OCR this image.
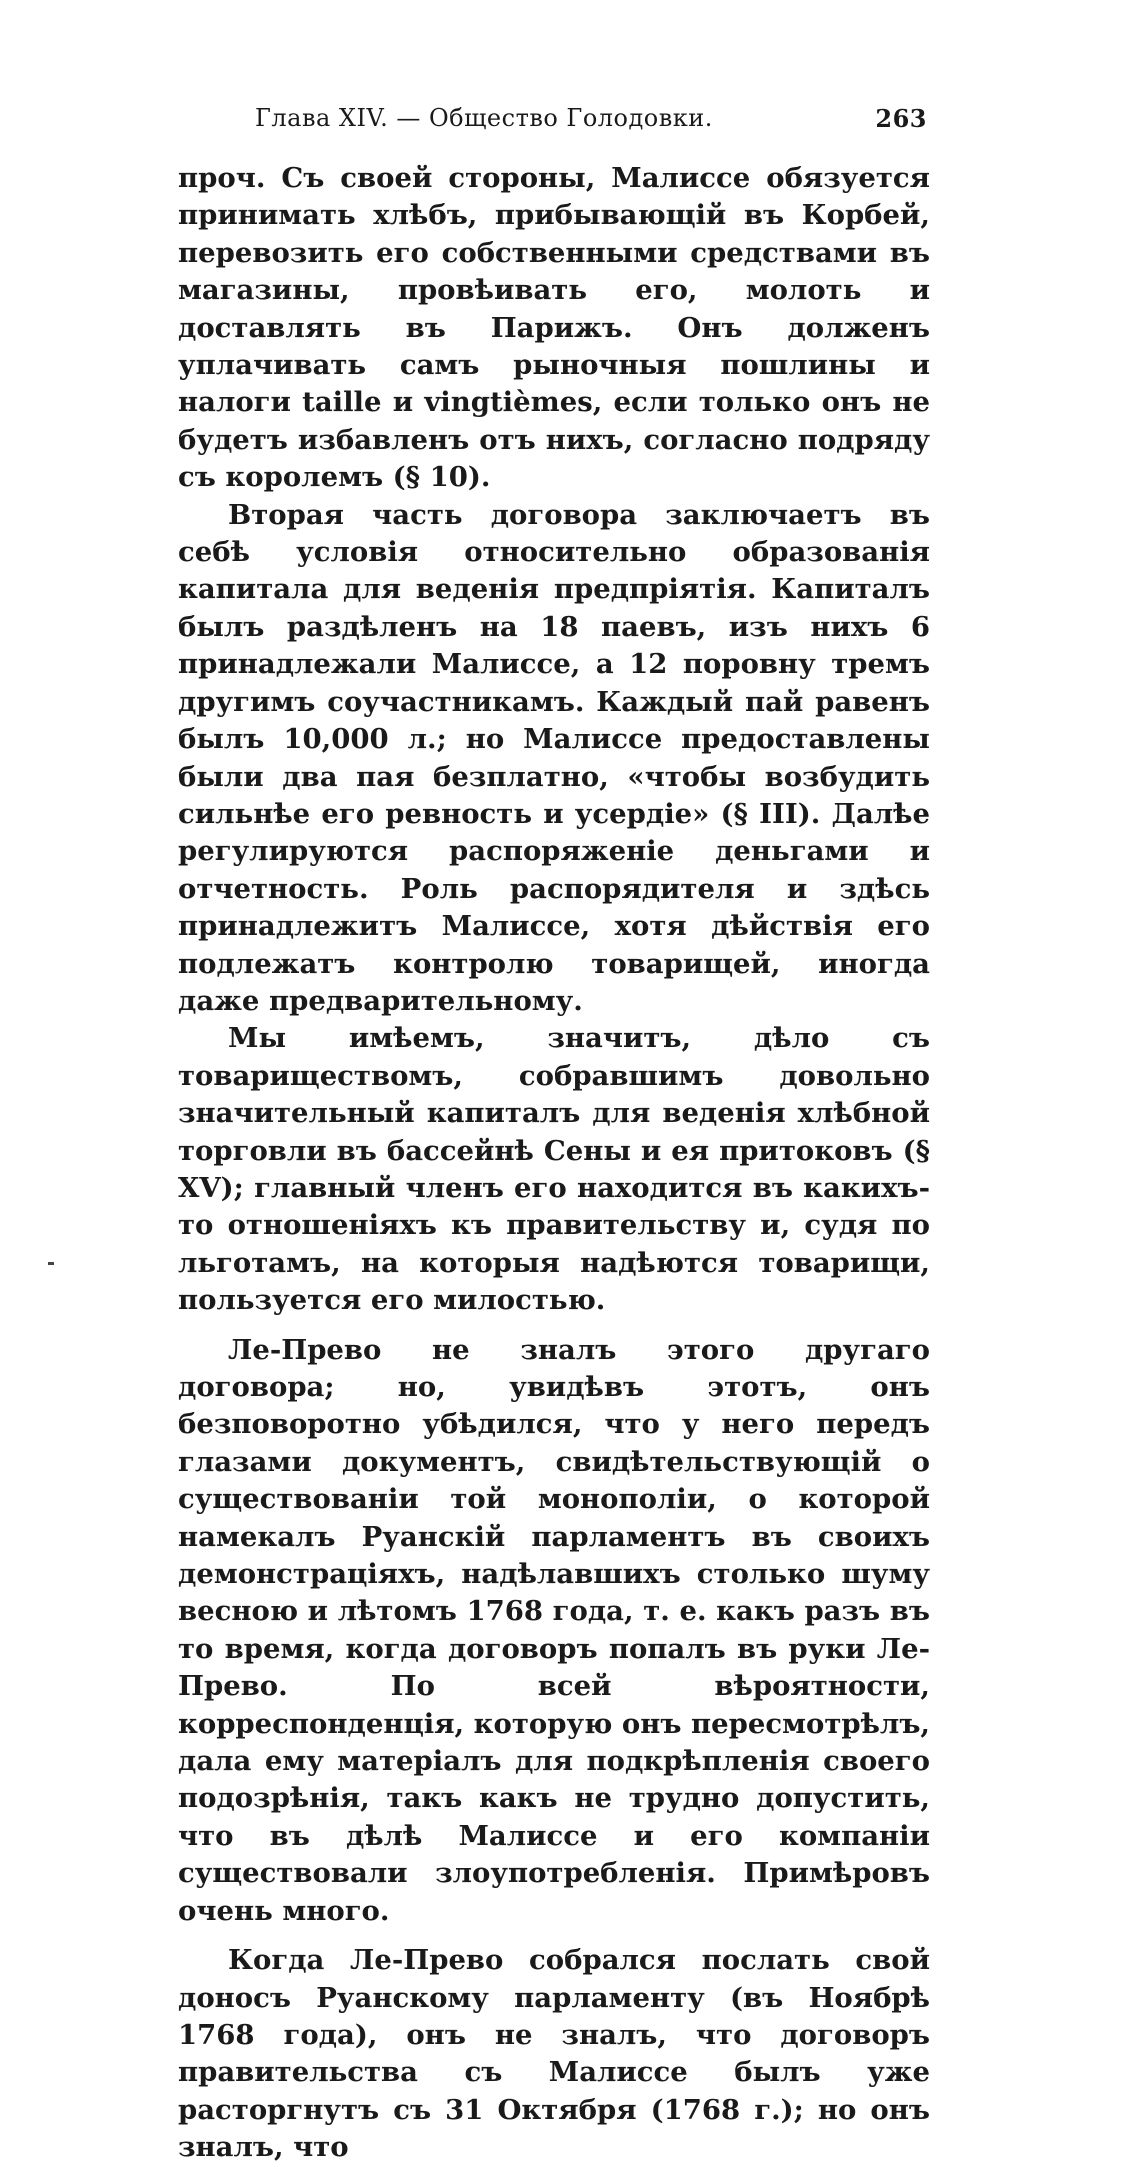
Глава XIV. — Общество Голодовки.	263

проч. Съ своей стороны, Малиссе обязуется принимать хлѣбъ, прибывающій въ Корбей, перевозить его собственными средствами въ магазины, провѣивать его, молоть и доставлять въ Парижъ. Онъ долженъ уплачивать самъ рыночныя пошлины и налоги taille и vingtièmes, если только онъ не будетъ избавленъ отъ нихъ, согласно подряду съ королемъ (§ 10).

Вторая часть договора заключаетъ въ себѣ условія относительно образованія капитала для веденія предпріятія. Капиталъ былъ раздѣленъ на 18 паевъ, изъ нихъ 6 принадлежали Малиссе, а 12 поровну тремъ другимъ соучастникамъ. Каждый пай равенъ былъ 10,000 л.; но Малиссе предоставлены были два пая безплатно, «чтобы возбудить сильнѣе его ревность и усердіе» (§ III). Далѣе регулируются распоряженіе деньгами и отчетность. Роль распорядителя и здѣсь принадлежитъ Малиссе, хотя дѣйствія его подлежатъ контролю товарищей, иногда даже предварительному.

Мы имѣемъ, значитъ, дѣло съ товариществомъ, собравшимъ довольно значительный капиталъ для веденія хлѣбной торговли въ бассейнѣ Сены и ея притоковъ (§ XV); главный членъ его находится въ какихъ-то отношеніяхъ къ правительству и, судя по льготамъ, на которыя надѣются товарищи, пользуется его милостью.

Ле-Прево не зналъ этого другаго договора; но, увидѣвъ этотъ, онъ безповоротно убѣдился, что у него передъ глазами документъ, свидѣтельствующій о существованіи той монополіи, о которой намекалъ Руанскій парламентъ въ своихъ демонстраціяхъ, надѣлавшихъ столько шуму весною и лѣтомъ 1768 года, т. е. какъ разъ въ то время, когда договоръ попалъ въ руки Ле-Прево. По всей вѣроятности, корреспонденція, которую онъ пересмотрѣлъ, дала ему матеріалъ для подкрѣпленія своего подозрѣнія, такъ какъ не трудно допустить, что въ дѣлѣ Малиссе и его компаніи существовали злоупотребленія. Примѣровъ очень много.

Когда Ле-Прево собрался послать свой доносъ Руанскому парламенту (въ Ноябрѣ 1768 года), онъ не зналъ, что договоръ правительства съ Малиссе былъ уже расторгнутъ съ 31 Октября (1768 г.); но онъ зналъ, что
